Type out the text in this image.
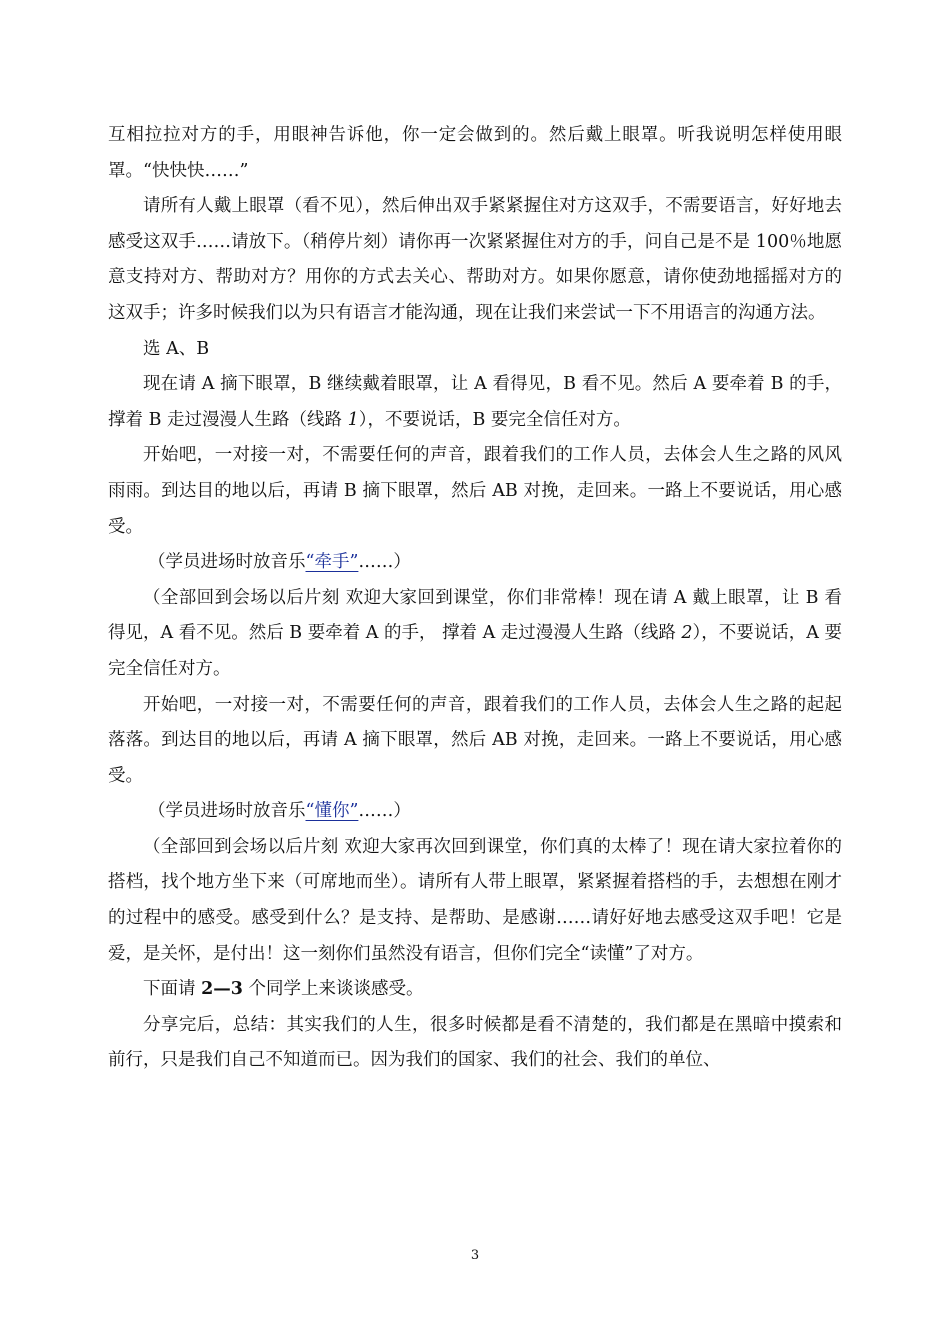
互相拉拉对方的手，用眼神告诉他，你一定会做到的。然后戴上眼罩。听我说明怎样使用眼罩。“快快快……”

请所有人戴上眼罩（看不见），然后伸出双手紧紧握住对方这双手，不需要语言，好好地去感受这双手……请放下。（稍停片刻）请你再一次紧紧握住对方的手，问自己是不是 100％地愿意支持对方、帮助对方？用你的方式去关心、帮助对方。如果你愿意，请你使劲地摇摇对方的这双手；许多时候我们以为只有语言才能沟通，现在让我们来尝试一下不用语言的沟通方法。

选 A、B

现在请 A 摘下眼罩，B 继续戴着眼罩，让 A 看得见，B 看不见。然后 A 要牵着 B 的手，撑着 B 走过漫漫人生路（线路 1），不要说话，B 要完全信任对方。

开始吧，一对接一对，不需要任何的声音，跟着我们的工作人员，去体会人生之路的风风雨雨。到达目的地以后，再请 B 摘下眼罩，然后 AB 对挽，走回来。一路上不要说话，用心感受。

（学员进场时放音乐“牵手”……）

（全部回到会场以后片刻 欢迎大家回到课堂，你们非常棒！现在请 A 戴上眼罩，让 B 看得见，A 看不见。然后 B 要牵着 A 的手， 撑着 A 走过漫漫人生路（线路 2），不要说话，A 要完全信任对方。

开始吧，一对接一对，不需要任何的声音，跟着我们的工作人员，去体会人生之路的起起落落。到达目的地以后，再请 A 摘下眼罩，然后 AB 对挽，走回来。一路上不要说话，用心感受。

（学员进场时放音乐“懂你”……）

（全部回到会场以后片刻 欢迎大家再次回到课堂，你们真的太棒了！现在请大家拉着你的搭档，找个地方坐下来（可席地而坐）。请所有人带上眼罩，紧紧握着搭档的手，去想想在刚才的过程中的感受。感受到什么？是支持、是帮助、是感谢……请好好地去感受这双手吧！它是爱，是关怀，是付出！这一刻你们虽然没有语言，但你们完全“读懂”了对方。

下面请 2—3 个同学上来谈谈感受。

分享完后，总结：其实我们的人生，很多时候都是看不清楚的，我们都是在黑暗中摸索和前行，只是我们自己不知道而已。因为我们的国家、我们的社会、我们的单位、

3
